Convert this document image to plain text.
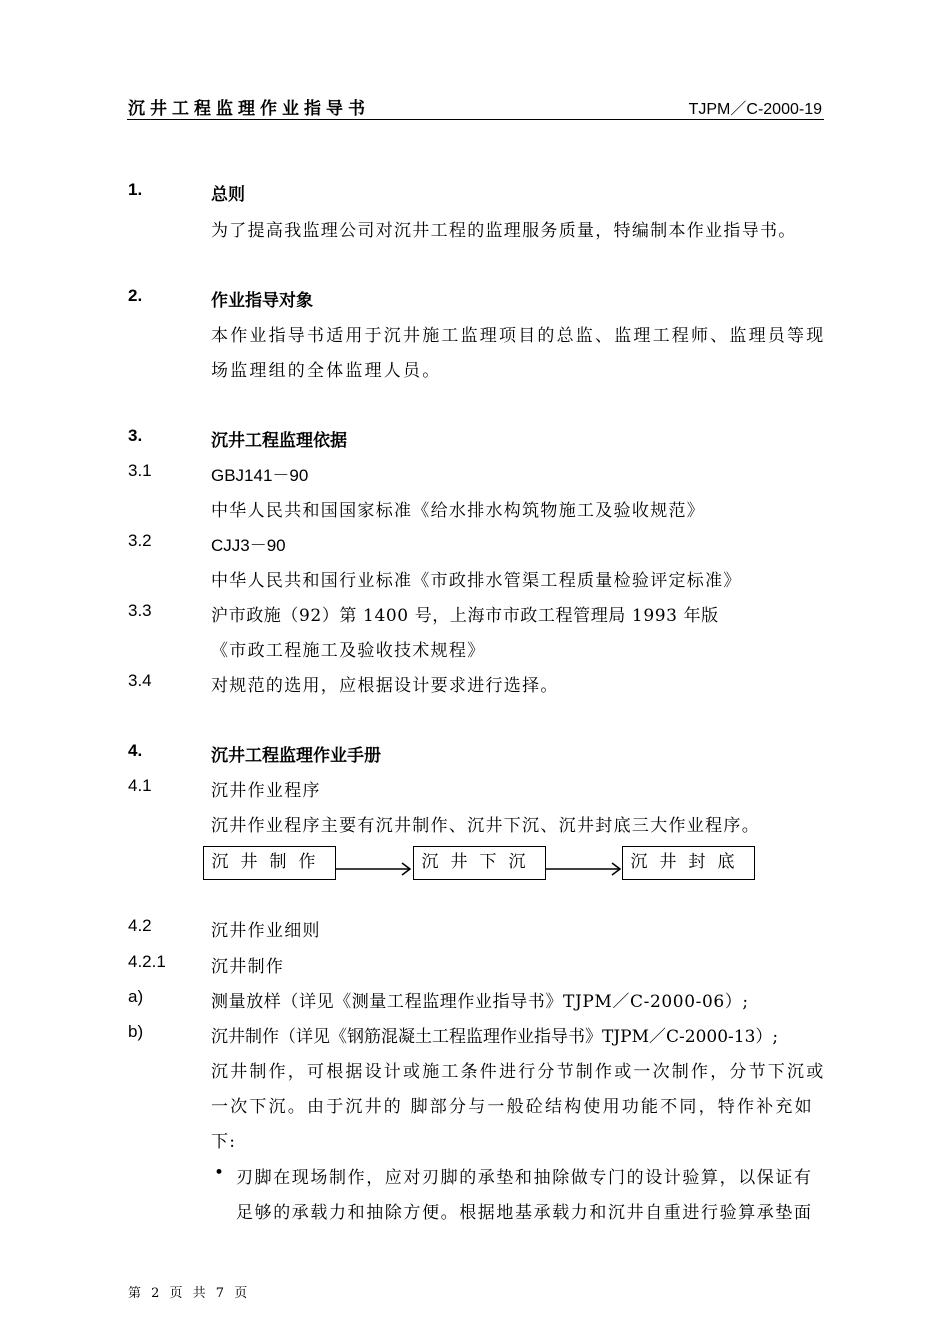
沉井工程监理作业指导书	TJPM／C-2000-19
1.	总则
为了提高我监理公司对沉井工程的监理服务质量，特编制本作业指导书。
2.	作业指导对象
本作业指导书适用于沉井施工监理项目的总监、监理工程师、监理员等现
场监理组的全体监理人员。
3.	沉井工程监理依据
3.1	GBJ141－90
中华人民共和国国家标准《给水排水构筑物施工及验收规范》
3.2	CJJ3－90
中华人民共和国行业标准《市政排水管渠工程质量检验评定标准》
3.3	沪市政施（92）第 1400 号，上海市市政工程管理局 1993 年版
《市政工程施工及验收技术规程》
3.4	对规范的选用，应根据设计要求进行选择。
4.	沉井工程监理作业手册
4.1	沉井作业程序
沉井作业程序主要有沉井制作、沉井下沉、沉井封底三大作业程序。
沉井制作	沉井下沉	沉井封底
4.2	沉井作业细则
4.2.1	沉井制作
a)	测量放样（详见《测量工程监理作业指导书》TJPM／C-2000-06）;
b)	沉井制作（详见《钢筋混凝土工程监理作业指导书》TJPM／C-2000-13）;
沉井制作，可根据设计或施工条件进行分节制作或一次制作，分节下沉或
一次下沉。由于沉井的 脚部分与一般砼结构使用功能不同，特作补充如
下:
• 刃脚在现场制作，应对刃脚的承垫和抽除做专门的设计验算，以保证有
足够的承载力和抽除方便。根据地基承载力和沉井自重进行验算承垫面
第 2 页 共 7 页
